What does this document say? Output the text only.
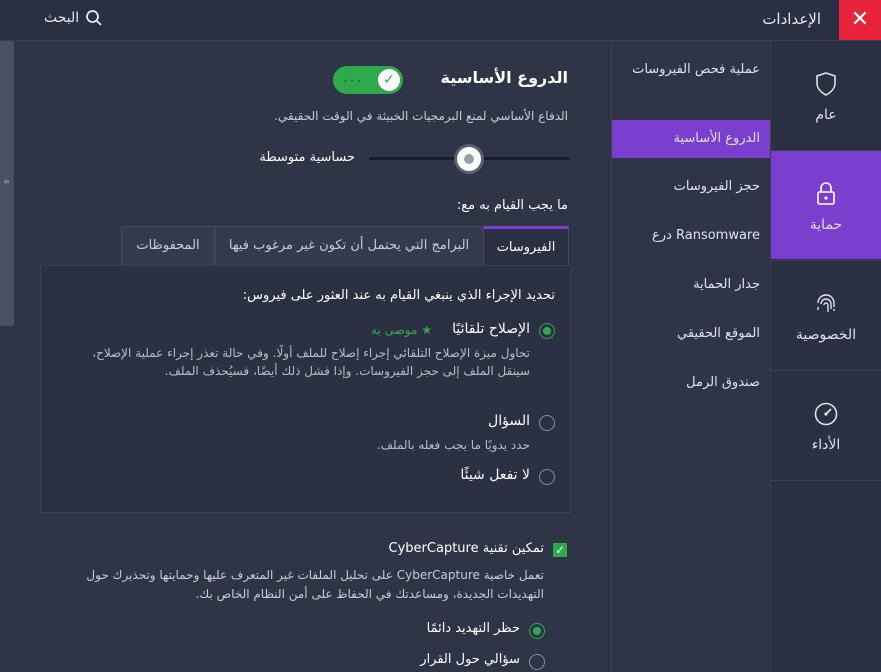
✕
الإعدادات
البحث
عام
حماية
الخصوصية
الأداء
عملية فحص الفيروسات
الدروع الأساسية
حجز الفيروسات
درع Ransomware
جدار الحماية
الموقع الحقيقي
صندوق الرمل
≡
الدروع الأساسية
•••	✓
الدفاع الأساسي لمنع البرمجيات الخبيثة في الوقت الحقيقي.
حساسية متوسطة
ما يجب القيام به مع:
الفيروسات
البرامج التي يحتمل أن تكون غير مرغوب فيها
المحفوظات
تحديد الإجراء الذي ينبغي القيام به عند العثور على فيروس:
الإصلاح تلقائيًا
★ موصى به
تحاول ميزة الإصلاح التلقائي إجراء إصلاح للملف أولًا. وفي حالة تعذر إجراء عملية الإصلاح، سينقل الملف إلى حجز الفيروسات. وإذا فشل ذلك أيضًا، فسيُحذف الملف.
السؤال
حدد يدويًا ما يجب فعله بالملف.
لا تفعل شيئًا
✓
تمكين تقنية CyberCapture
تعمل خاصية CyberCapture على تحليل الملفات غير المتعرف عليها وحمايتها وتحذيرك حول التهديدات الجديدة، ومساعدتك في الحفاظ على أمن النظام الخاص بك.
حظر التهديد دائمًا
سؤالي حول القرار
